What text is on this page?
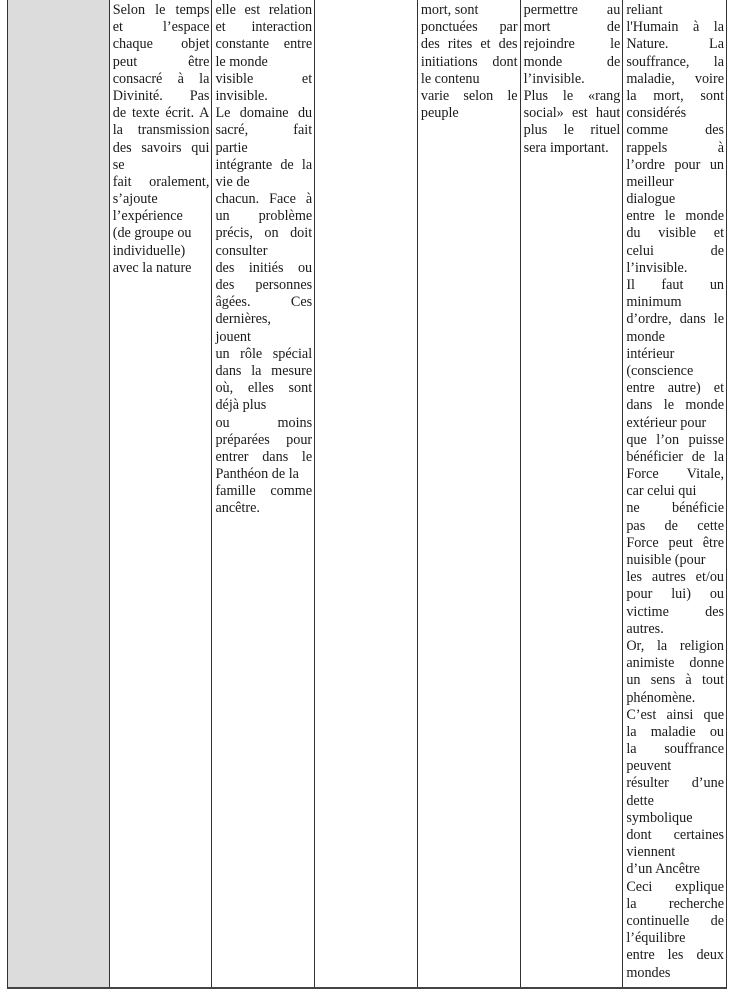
Selon le temps
et l’espace
chaque objet
peut être
consacré à la
Divinité. Pas
de texte écrit. A
la transmission
des savoirs qui
se
fait oralement,
s’ajoute
l’expérience
(de groupe ou
individuelle)
avec la nature
elle est relation
et interaction
constante entre
le monde
visible et
invisible.
Le domaine du
sacré, fait
partie
intégrante de la
vie de
chacun. Face à
un problème
précis, on doit
consulter
des initiés ou
des personnes
âgées. Ces
dernières,
jouent
un rôle spécial
dans la mesure
où, elles sont
déjà plus
ou moins
préparées pour
entrer dans le
Panthéon de la
famille comme
ancêtre.
mort, sont
ponctuées par
des rites et des
initiations dont
le contenu
varie selon le
peuple
permettre au
mort de
rejoindre le
monde de
l’invisible.
Plus le «rang
social» est haut
plus le rituel
sera important.
reliant
l'Humain à la
Nature. La
souffrance, la
maladie, voire
la mort, sont
considérés
comme des
rappels à
l’ordre pour un
meilleur
dialogue
entre le monde
du visible et
celui de
l’invisible.
Il faut un
minimum
d’ordre, dans le
monde
intérieur
(conscience
entre autre) et
dans le monde
extérieur pour
que l’on puisse
bénéficier de la
Force Vitale,
car celui qui
ne bénéficie
pas de cette
Force peut être
nuisible (pour
les autres et/ou
pour lui) ou
victime des
autres.
Or, la religion
animiste donne
un sens à tout
phénomène.
C’est ainsi que
la maladie ou
la souffrance
peuvent
résulter d’une
dette
symbolique
dont certaines
viennent
d’un Ancêtre
Ceci explique
la recherche
continuelle de
l’équilibre
entre les deux
mondes
